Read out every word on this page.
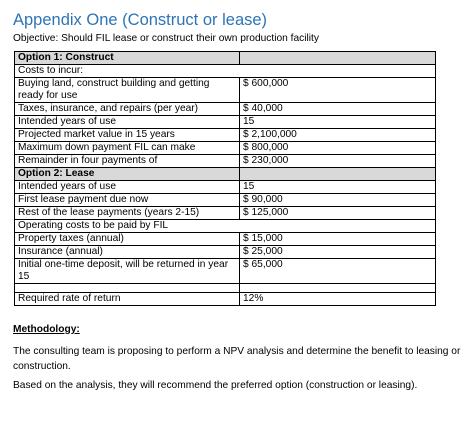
Appendix One (Construct or lease)
Objective: Should FIL lease or construct their own production facility
Option 1: Construct	
Costs to incur:	
Buying land, construct building and getting ready for use	$ 600,000
Taxes, insurance, and repairs (per year)	$ 40,000
Intended years of use	15
Projected market value in 15 years	$ 2,100,000
Maximum down payment FIL can make	$ 800,000
Remainder in four payments of	$ 230,000
Option 2: Lease	
Intended years of use	15
First lease payment due now	$ 90,000
Rest of the lease payments (years 2-15)	$ 125,000
Operating costs to be paid by FIL	
Property taxes (annual)	$ 15,000
Insurance (annual)	$ 25,000
Initial one-time deposit, will be returned in year 15	$ 65,000

Required rate of return	12%
Methodology:
The consulting team is proposing to perform a NPV analysis and determine the benefit to leasing or construction.
Based on the analysis, they will recommend the preferred option (construction or leasing).
